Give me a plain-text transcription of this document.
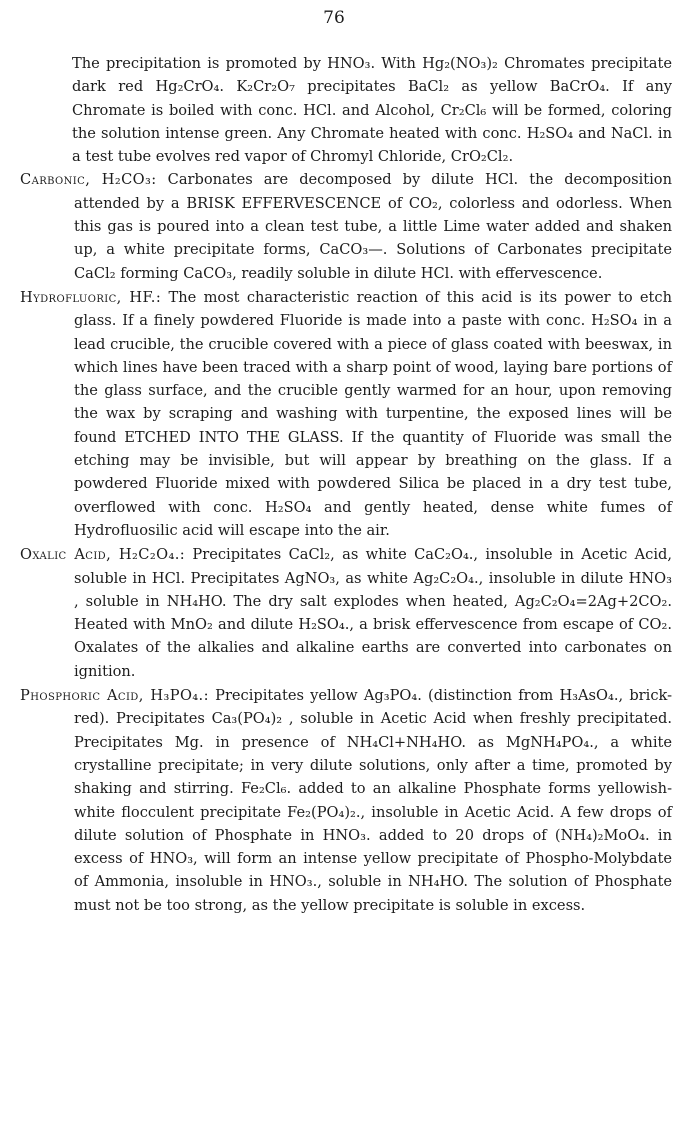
76

The precipitation is promoted by HNO₃. With Hg₂(NO₃)₂ Chromates precipitate dark red Hg₂CrO₄. K₂Cr₂O₇ precipitates BaCl₂ as yellow BaCrO₄. If any Chromate is boiled with conc. HCl. and Alcohol, Cr₂Cl₆ will be formed, coloring the solution intense green. Any Chromate heated with conc. H₂SO₄ and NaCl. in a test tube evolves red vapor of Chromyl Chloride, CrO₂Cl₂.

Carbonic, H₂CO₃: Carbonates are decomposed by dilute HCl. the decomposition attended by a BRISK EFFERVESCENCE of CO₂, colorless and odorless. When this gas is poured into a clean test tube, a little Lime water added and shaken up, a white precipitate forms, CaCO₃—. Solutions of Carbonates precipitate CaCl₂ forming CaCO₃, readily soluble in dilute HCl. with effervescence.

Hydrofluoric, HF.: The most characteristic reaction of this acid is its power to etch glass. If a finely powdered Fluoride is made into a paste with conc. H₂SO₄ in a lead crucible, the crucible covered with a piece of glass coated with beeswax, in which lines have been traced with a sharp point of wood, laying bare portions of the glass surface, and the crucible gently warmed for an hour, upon removing the wax by scraping and washing with turpentine, the exposed lines will be found ETCHED INTO THE GLASS. If the quantity of Fluoride was small the etching may be invisible, but will appear by breathing on the glass. If a powdered Fluoride mixed with powdered Silica be placed in a dry test tube, overflowed with conc. H₂SO₄ and gently heated, dense white fumes of Hydrofluosilic acid will escape into the air.

Oxalic Acid, H₂C₂O₄.: Precipitates CaCl₂, as white CaC₂O₄., insoluble in Acetic Acid, soluble in HCl. Precipitates AgNO₃, as white Ag₂C₂O₄., insoluble in dilute HNO₃ , soluble in NH₄HO. The dry salt explodes when heated, Ag₂C₂O₄=2Ag+2CO₂. Heated with MnO₂ and dilute H₂SO₄., a brisk effervescence from escape of CO₂. Oxalates of the alkalies and alkaline earths are converted into carbonates on ignition.

Phosphoric Acid, H₃PO₄.: Precipitates yellow Ag₃PO₄. (distinction from H₃AsO₄., brick-red). Precipitates Ca₃(PO₄)₂ , soluble in Acetic Acid when freshly precipitated. Precipitates Mg. in presence of NH₄Cl+NH₄HO. as MgNH₄PO₄., a white crystalline precipitate; in very dilute solutions, only after a time, promoted by shaking and stirring. Fe₂Cl₆. added to an alkaline Phosphate forms yellowish-white flocculent precipitate Fe₂(PO₄)₂., insoluble in Acetic Acid. A few drops of dilute solution of Phosphate in HNO₃. added to 20 drops of (NH₄)₂MoO₄. in excess of HNO₃, will form an intense yellow precipitate of Phospho-Molybdate of Ammonia, insoluble in HNO₃., soluble in NH₄HO. The solution of Phosphate must not be too strong, as the yellow precipitate is soluble in excess.
